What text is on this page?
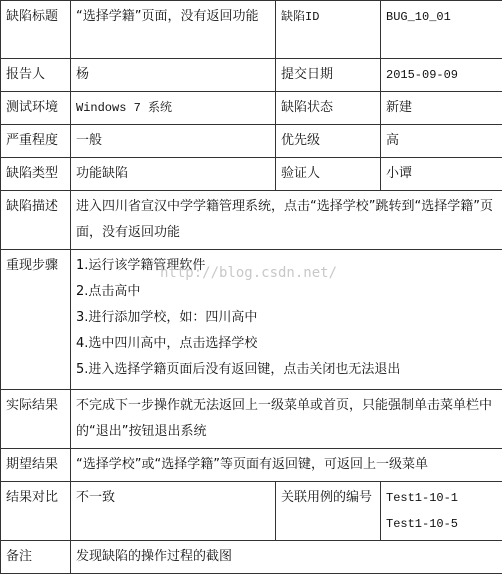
缺陷标题	“选择学籍”页面，没有返回功能	缺陷ID	BUG_10_01
报告人	杨	提交日期	2015-09-09
测试环境	Windows 7 系统	缺陷状态	新建
严重程度	一般	优先级	高
缺陷类型	功能缺陷	验证人	小谭
缺陷描述	进入四川省宣汉中学学籍管理系统，点击“选择学校”跳转到“选择学籍”页面，没有返回功能		
重现步骤	1.运行该学籍管理软件
2.点击高中
3.进行添加学校，如：四川高中
4.选中四川高中，点击选择学校
5.进入选择学籍页面后没有返回键，点击关闭也无法退出		

实际结果	不完成下一步操作就无法返回上一级菜单或首页，只能强制单击菜单栏中的“退出”按钮退出系统		
期望结果	“选择学校”或“选择学籍”等页面有返回键，可返回上一级菜单		
结果对比	不一致	关联用例的编号	Test1-10-1
Test1-10-5

备注	发现缺陷的操作过程的截图		
http://blog.csdn.net/
